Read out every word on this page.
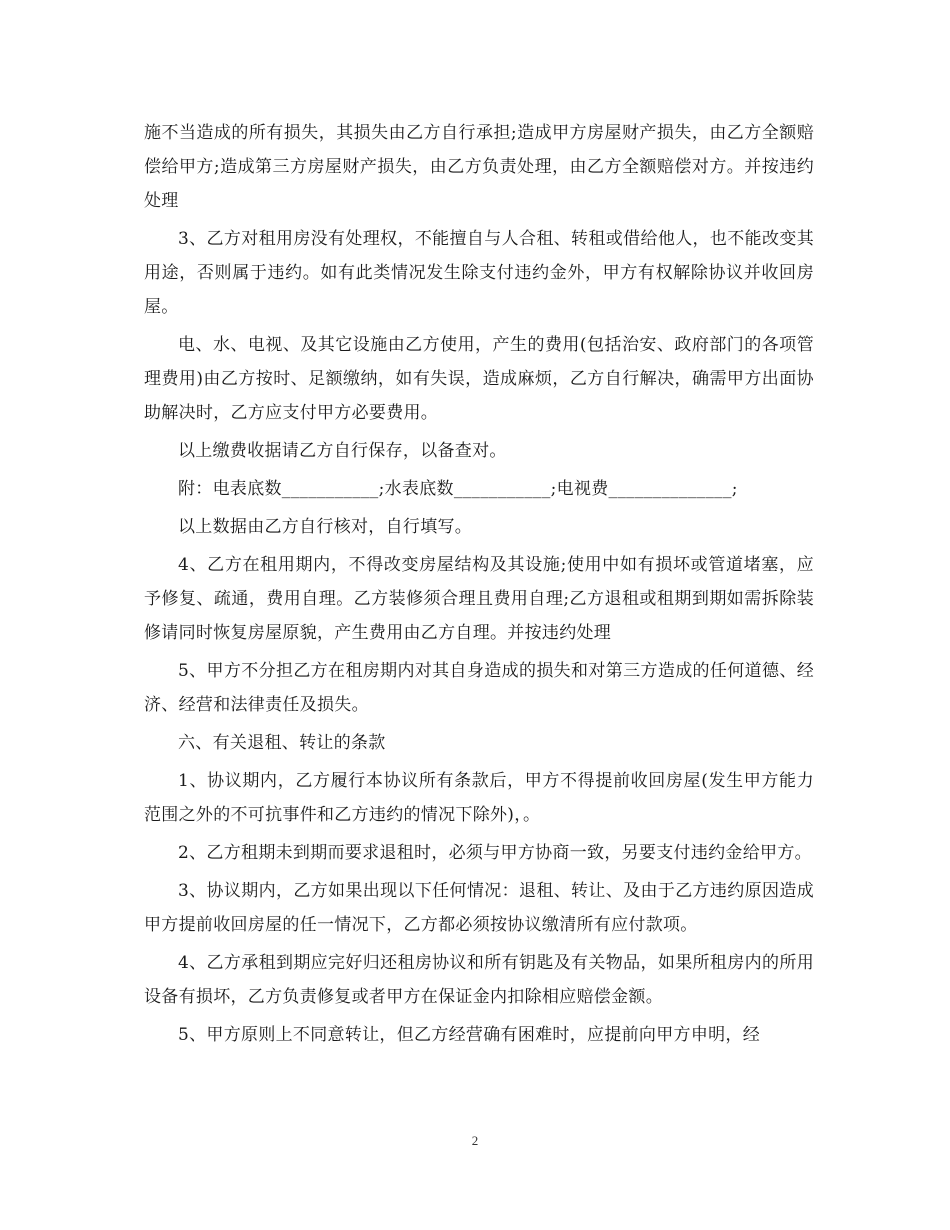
施不当造成的所有损失，其损失由乙方自行承担;造成甲方房屋财产损失，由乙方全额赔偿给甲方;造成第三方房屋财产损失，由乙方负责处理，由乙方全额赔偿对方。并按违约处理

3、乙方对租用房没有处理权，不能擅自与人合租、转租或借给他人，也不能改变其用途，否则属于违约。如有此类情况发生除支付违约金外，甲方有权解除协议并收回房屋。

电、水、电视、及其它设施由乙方使用，产生的费用(包括治安、政府部门的各项管理费用)由乙方按时、足额缴纳，如有失误，造成麻烦，乙方自行解决，确需甲方出面协助解决时，乙方应支付甲方必要费用。

以上缴费收据请乙方自行保存，以备查对。

附：电表底数___________;水表底数___________;电视费______________;

以上数据由乙方自行核对，自行填写。

4、乙方在租用期内，不得改变房屋结构及其设施;使用中如有损坏或管道堵塞，应予修复、疏通，费用自理。乙方装修须合理且费用自理;乙方退租或租期到期如需拆除装修请同时恢复房屋原貌，产生费用由乙方自理。并按违约处理

5、甲方不分担乙方在租房期内对其自身造成的损失和对第三方造成的任何道德、经济、经营和法律责任及损失。

六、有关退租、转让的条款

1、协议期内，乙方履行本协议所有条款后，甲方不得提前收回房屋(发生甲方能力范围之外的不可抗事件和乙方违约的情况下除外)，。

2、乙方租期未到期而要求退租时，必须与甲方协商一致，另要支付违约金给甲方。

3、协议期内，乙方如果出现以下任何情况：退租、转让、及由于乙方违约原因造成甲方提前收回房屋的任一情况下，乙方都必须按协议缴清所有应付款项。

4、乙方承租到期应完好归还租房协议和所有钥匙及有关物品，如果所租房内的所用设备有损坏，乙方负责修复或者甲方在保证金内扣除相应赔偿金额。

5、甲方原则上不同意转让，但乙方经营确有困难时，应提前向甲方申明，经

2
